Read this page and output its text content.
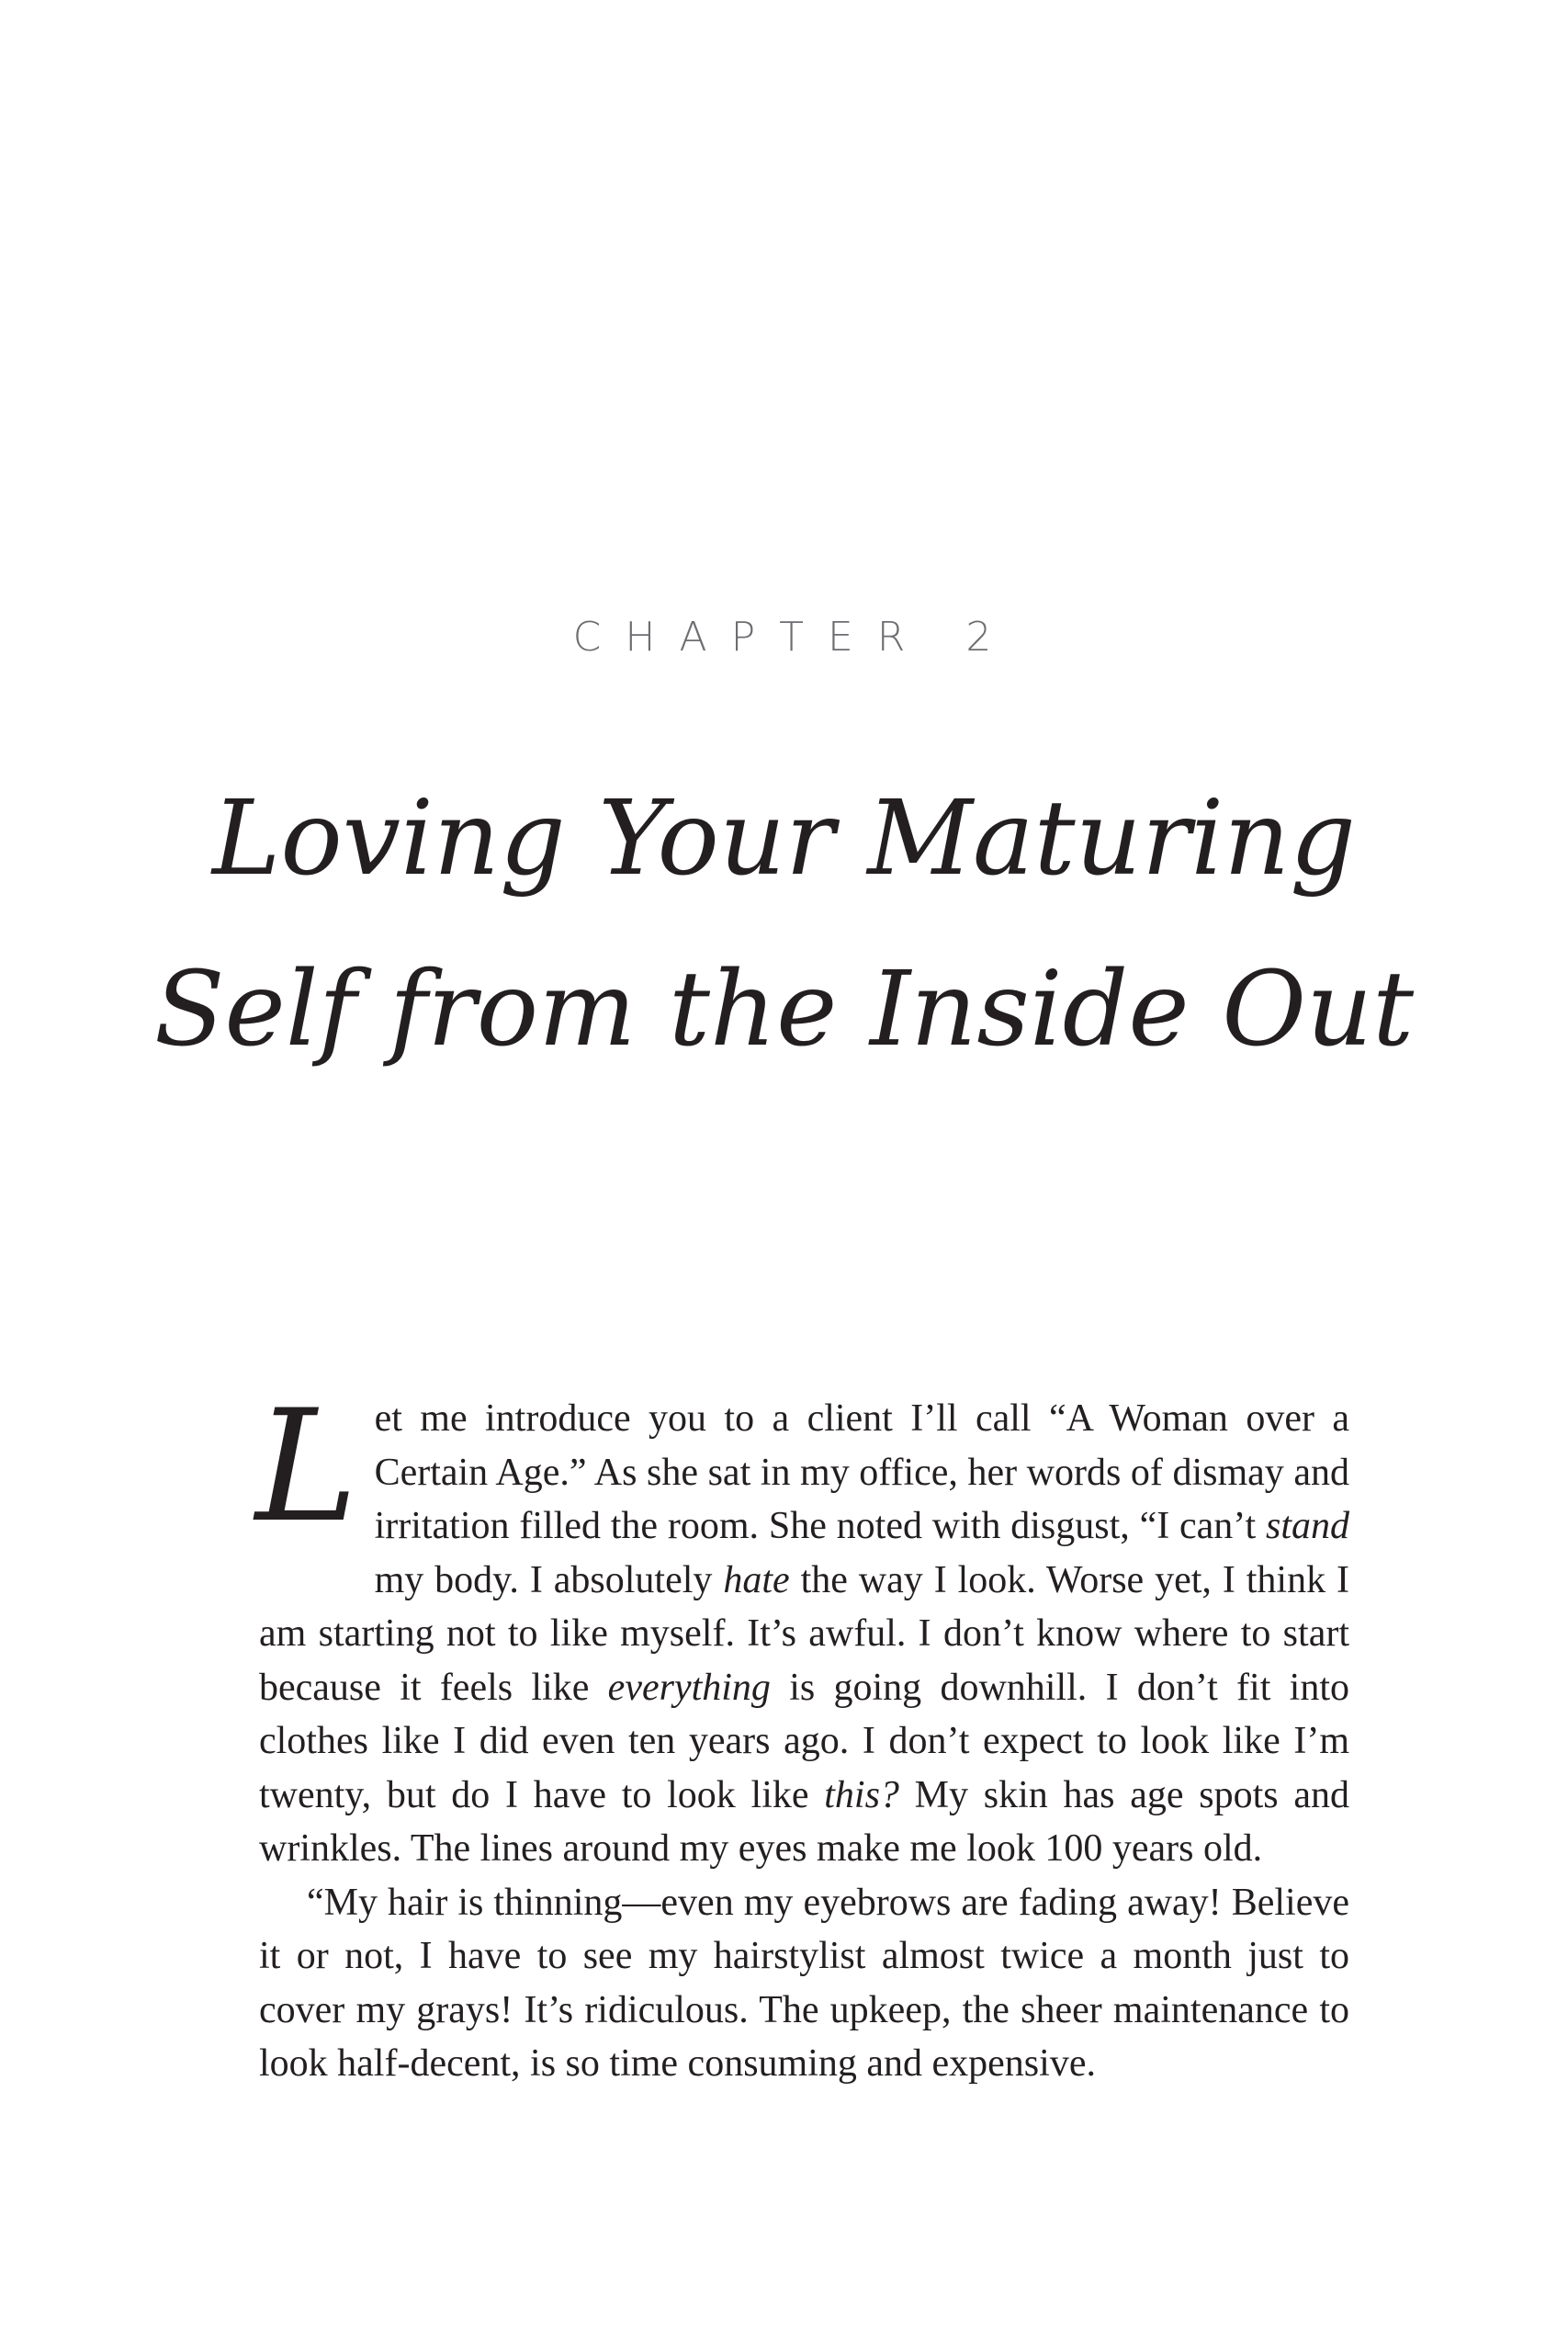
CHAPTER 2
Loving Your Maturing
Self from the Inside Out

Let me introduce you to a client I’ll call “A Woman over a Certain Age.” As she sat in my office, her words of dismay and irritation filled the room. She noted with disgust, “I can’t stand my body. I absolutely hate the way I look. Worse yet, I think I am starting not to like myself. It’s awful. I don’t know where to start because it feels like everything is going downhill. I don’t fit into clothes like I did even ten years ago. I don’t expect to look like I’m twenty, but do I have to look like this? My skin has age spots and wrinkles. The lines around my eyes make me look 100 years old.

“My hair is thinning—even my eyebrows are fading away! Believe it or not, I have to see my hairstylist almost twice a month just to cover my grays! It’s ridiculous. The upkeep, the sheer maintenance to look half-decent, is so time consuming and expensive.
